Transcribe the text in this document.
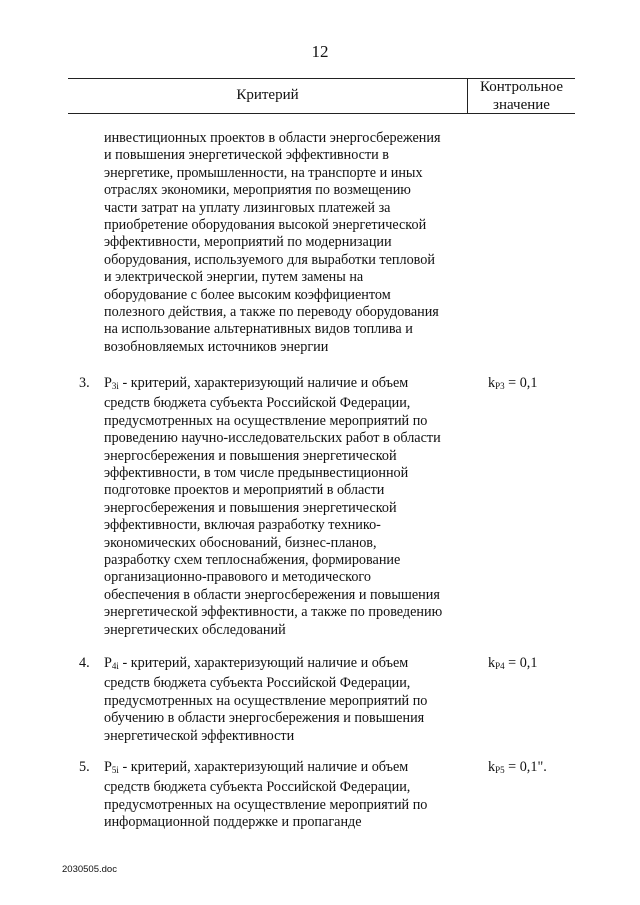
12
Критерий	Контрольное
значение
инвестиционных проектов в области энергосбережения
и повышения энергетической эффективности в
энергетике, промышленности, на транспорте и иных
отраслях экономики, мероприятия по возмещению
части затрат на уплату лизинговых платежей за
приобретение оборудования высокой энергетической
эффективности, мероприятий по модернизации
оборудования, используемого для выработки тепловой
и электрической энергии, путем замены на
оборудование с более высоким коэффициентом
полезного действия, а также по переводу оборудования
на использование альтернативных видов топлива и
возобновляемых источников энергии
3. $P_{3i}$ - критерий, характеризующий наличие и объем
средств бюджета субъекта Российской Федерации,
предусмотренных на осуществление мероприятий по
проведению научно-исследовательских работ в области
энергосбережения и повышения энергетической
эффективности, в том числе предынвестиционной
подготовке проектов и мероприятий в области
энергосбережения и повышения энергетической
эффективности, включая разработку технико-
экономических обоснований, бизнес-планов,
разработку схем теплоснабжения, формирование
организационно-правового и методического
обеспечения в области энергосбережения и повышения
энергетической эффективности, а также по проведению
энергетических обследований
$k_{P3} = 0,1$
4. $P_{4i}$ - критерий, характеризующий наличие и объем
средств бюджета субъекта Российской Федерации,
предусмотренных на осуществление мероприятий по
обучению в области энергосбережения и повышения
энергетической эффективности
$k_{P4} = 0,1$
5. $P_{5i}$ - критерий, характеризующий наличие и объем
средств бюджета субъекта Российской Федерации,
предусмотренных на осуществление мероприятий по
информационной поддержке и пропаганде
$k_{P5} = 0,1$".
2030505.doc
